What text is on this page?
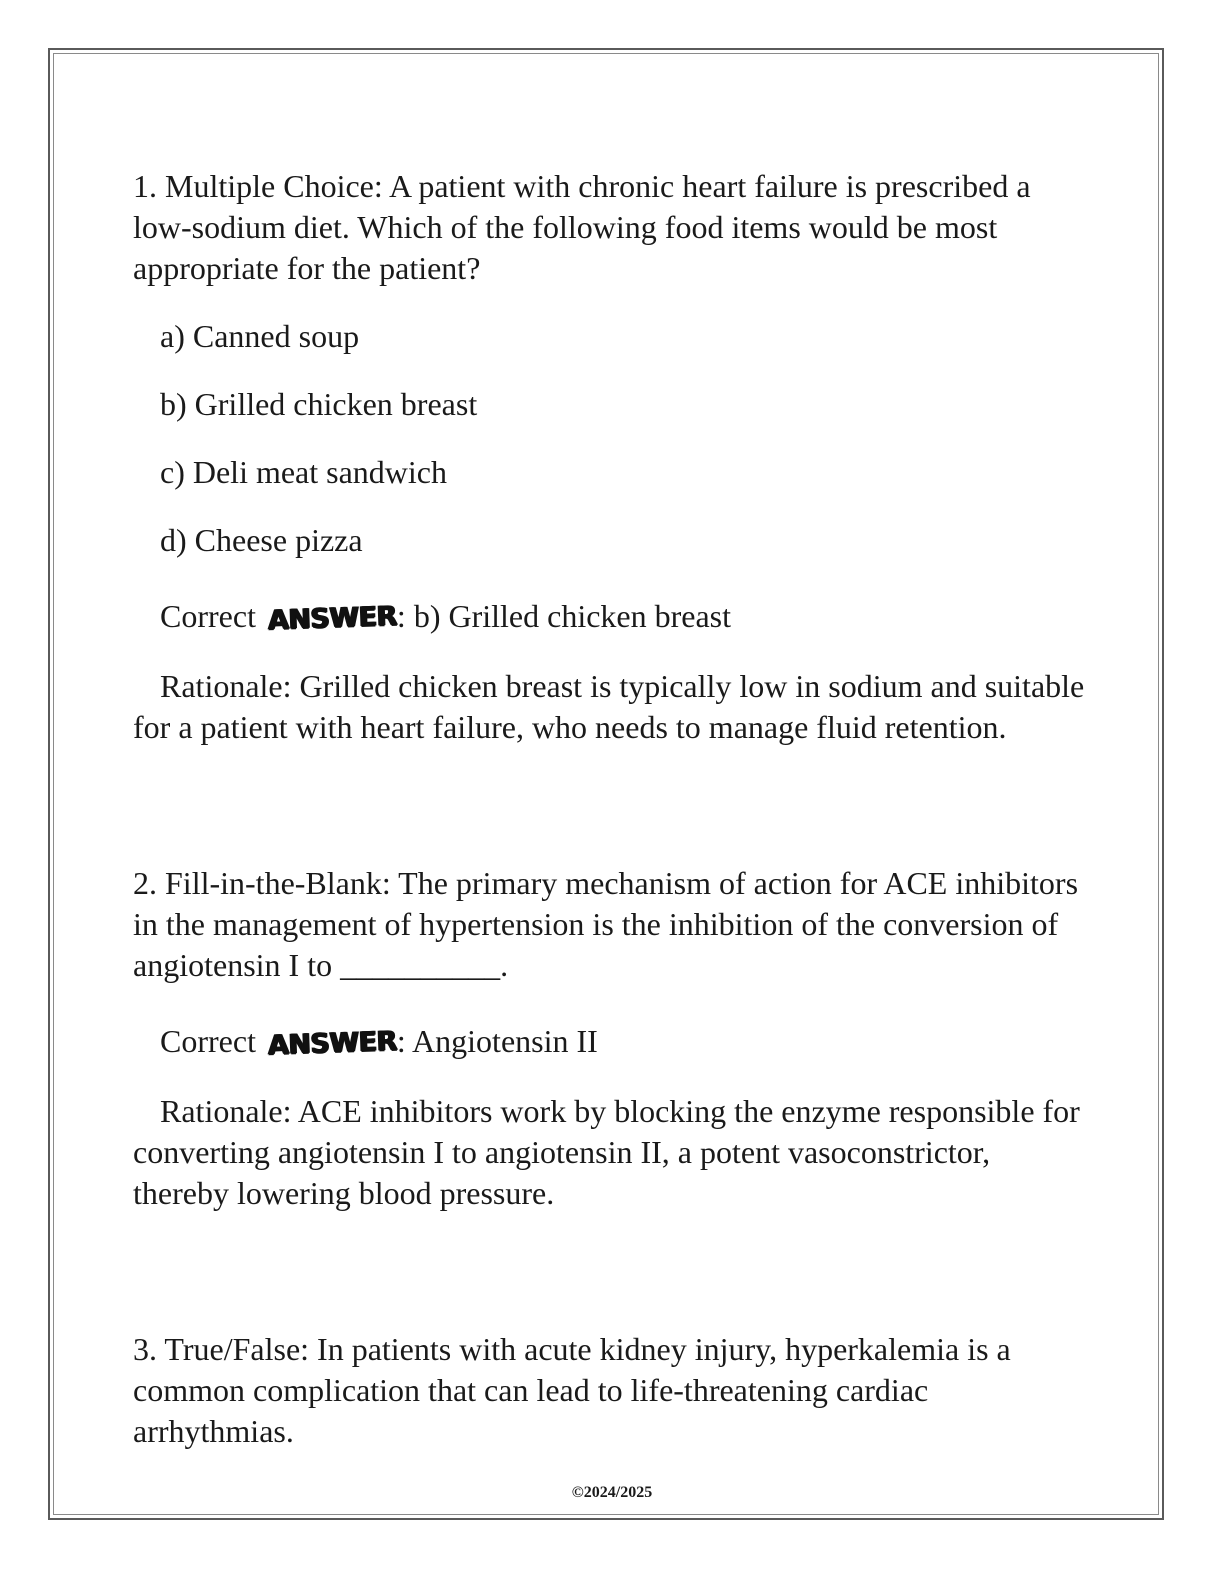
1. Multiple Choice: A patient with chronic heart failure is prescribed a low-sodium diet. Which of the following food items would be most appropriate for the patient?

a) Canned soup

b) Grilled chicken breast

c) Deli meat sandwich

d) Cheese pizza

Correct ANSWER: b) Grilled chicken breast

Rationale: Grilled chicken breast is typically low in sodium and suitable for a patient with heart failure, who needs to manage fluid retention.

2. Fill-in-the-Blank: The primary mechanism of action for ACE inhibitors in the management of hypertension is the inhibition of the conversion of angiotensin I to __________.

Correct ANSWER: Angiotensin II

Rationale: ACE inhibitors work by blocking the enzyme responsible for converting angiotensin I to angiotensin II, a potent vasoconstrictor, thereby lowering blood pressure.

3. True/False: In patients with acute kidney injury, hyperkalemia is a common complication that can lead to life-threatening cardiac arrhythmias.

©2024/2025
